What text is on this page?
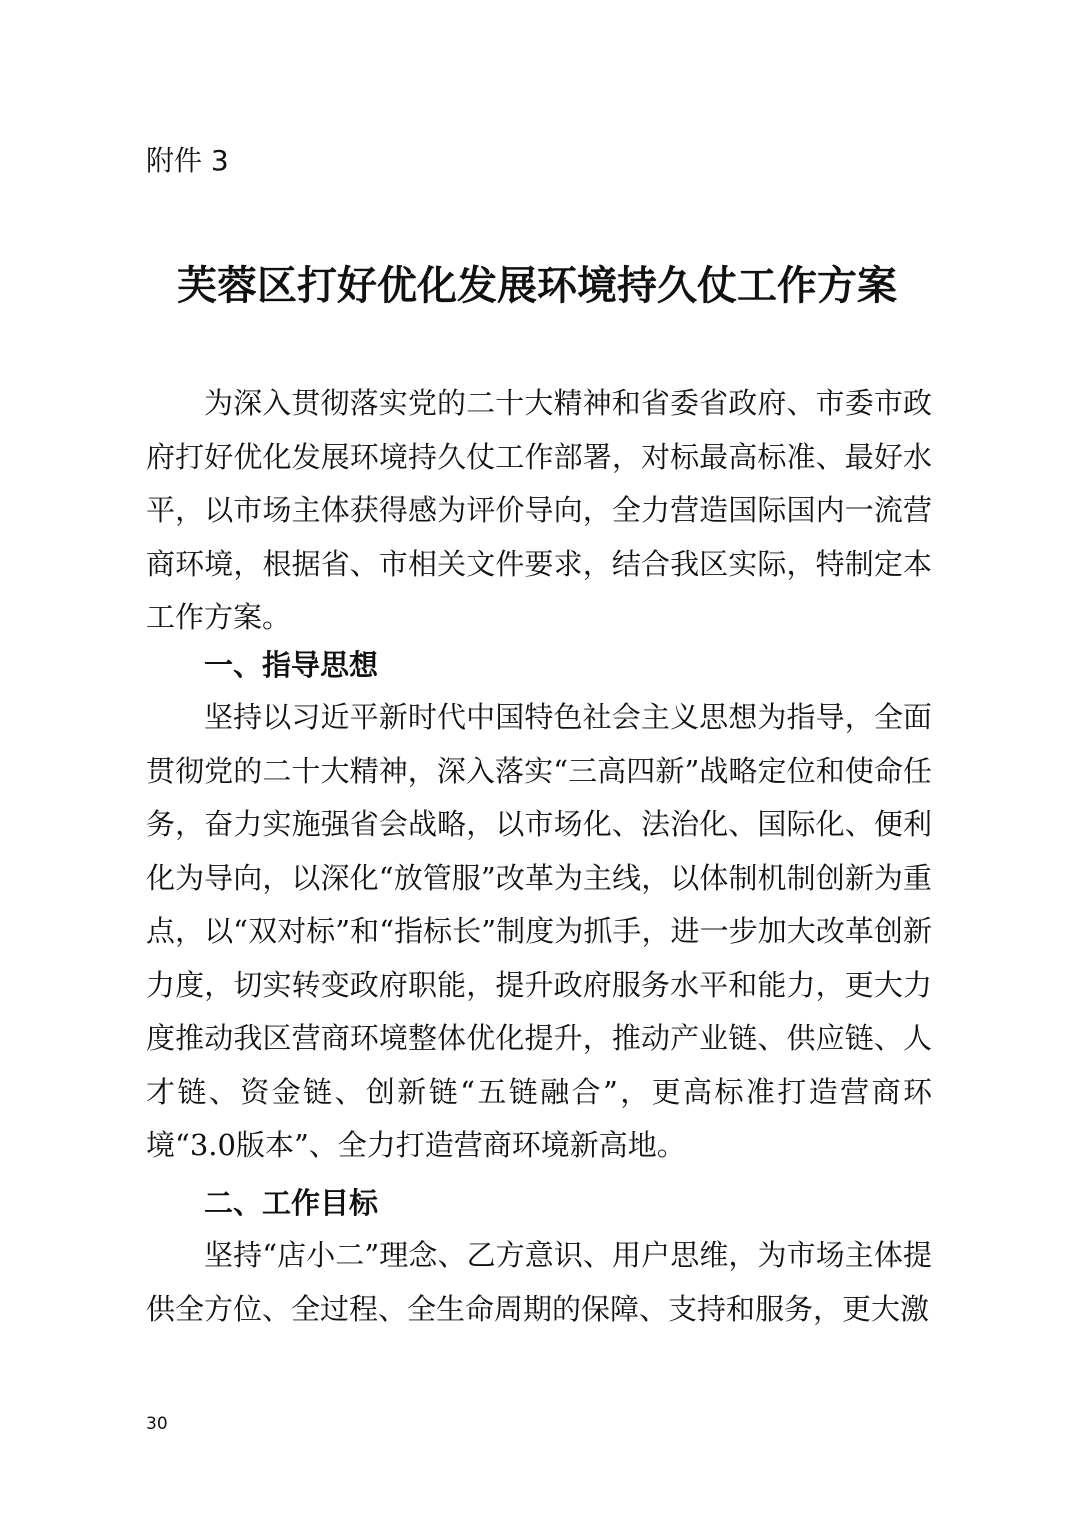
附件 3
芙蓉区打好优化发展环境持久仗工作方案

为深入贯彻落实党的二十大精神和省委省政府、市委市政府打好优化发展环境持久仗工作部署，对标最高标准、最好水平，以市场主体获得感为评价导向，全力营造国际国内一流营商环境，根据省、市相关文件要求，结合我区实际，特制定本工作方案。

一、指导思想

坚持以习近平新时代中国特色社会主义思想为指导，全面贯彻党的二十大精神，深入落实“三高四新”战略定位和使命任务，奋力实施强省会战略，以市场化、法治化、国际化、便利化为导向，以深化“放管服”改革为主线，以体制机制创新为重点，以“双对标”和“指标长”制度为抓手，进一步加大改革创新力度，切实转变政府职能，提升政府服务水平和能力，更大力度推动我区营商环境整体优化提升，推动产业链、供应链、人才链、资金链、创新链“五链融合”，更高标准打造营商环境“3.0版本”、全力打造营商环境新高地。

二、工作目标

坚持“店小二”理念、乙方意识、用户思维，为市场主体提供全方位、全过程、全生命周期的保障、支持和服务，更大激

30
